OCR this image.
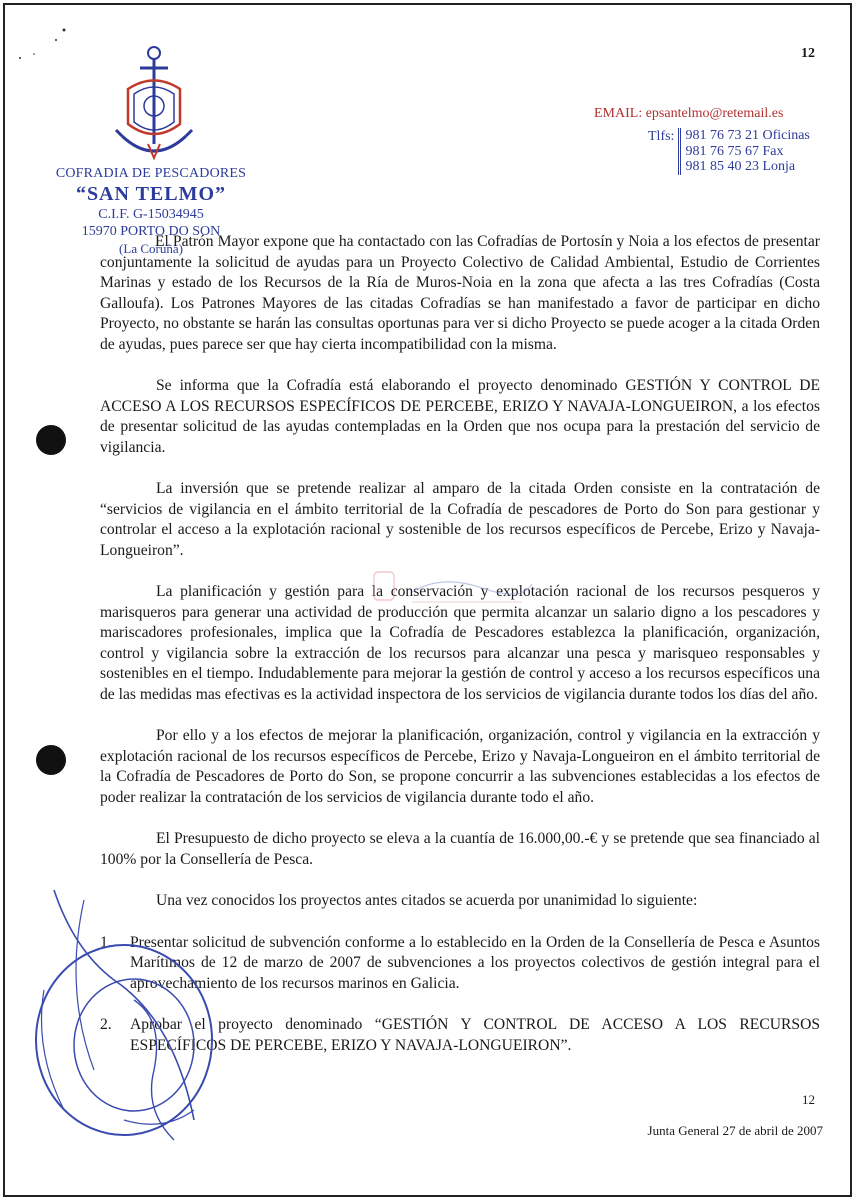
12
COFRADIA DE PESCADORES
“SAN TELMO”
C.I.F. G-15034945
15970 PORTO DO SON
(La Coruña)
EMAIL: epsantelmo@retemail.es
Tlfs: 981 76 73 21 Oficinas
981 76 75 67 Fax
981 85 40 23 Lonja

El Patrón Mayor expone que ha contactado con las Cofradías de Portosín y Noia a los efectos de presentar conjuntamente la solicitud de ayudas para un Proyecto Colectivo de Calidad Ambiental, Estudio de Corrientes Marinas y estado de los Recursos de la Ría de Muros-Noia en la zona que afecta a las tres Cofradías (Costa Galloufa). Los Patrones Mayores de las citadas Cofradías se han manifestado a favor de participar en dicho Proyecto, no obstante se harán las consultas oportunas para ver si dicho Proyecto se puede acoger a la citada Orden de ayudas, pues parece ser que hay cierta incompatibilidad con la misma.

Se informa que la Cofradía está elaborando el proyecto denominado GESTIÓN Y CONTROL DE ACCESO A LOS RECURSOS ESPECÍFICOS DE PERCEBE, ERIZO Y NAVAJA-LONGUEIRON, a los efectos de presentar solicitud de las ayudas contempladas en la Orden que nos ocupa para la prestación del servicio de vigilancia.

La inversión que se pretende realizar al amparo de la citada Orden consiste en la contratación de “servicios de vigilancia en el ámbito territorial de la Cofradía de pescadores de Porto do Son para gestionar y controlar el acceso a la explotación racional y sostenible de los recursos específicos de Percebe, Erizo y Navaja-Longueiron”.

La planificación y gestión para la conservación y explotación racional de los recursos pesqueros y marisqueros para generar una actividad de producción que permita alcanzar un salario digno a los pescadores y mariscadores profesionales, implica que la Cofradía de Pescadores establezca la planificación, organización, control y vigilancia sobre la extracción de los recursos para alcanzar una pesca y marisqueo responsables y sostenibles en el tiempo. Indudablemente para mejorar la gestión de control y acceso a los recursos específicos una de las medidas mas efectivas es la actividad inspectora de los servicios de vigilancia durante todos los días del año.

Por ello y a los efectos de mejorar la planificación, organización, control y vigilancia en la extracción y explotación racional de los recursos específicos de Percebe, Erizo y Navaja-Longueiron en el ámbito territorial de la Cofradía de Pescadores de Porto do Son, se propone concurrir a las subvenciones establecidas a los efectos de poder realizar la contratación de los servicios de vigilancia durante todo el año.

El Presupuesto de dicho proyecto se eleva a la cuantía de 16.000,00.-€ y se pretende que sea financiado al 100% por la Consellería de Pesca.

Una vez conocidos los proyectos antes citados se acuerda por unanimidad lo siguiente:

1. Presentar solicitud de subvención conforme a lo establecido en la Orden de la Consellería de Pesca e Asuntos Marítimos de 12 de marzo de 2007 de subvenciones a los proyectos colectivos de gestión integral para el aprovechamiento de los recursos marinos en Galicia.
2. Aprobar el proyecto denominado “GESTIÓN Y CONTROL DE ACCESO A LOS RECURSOS ESPECÍFICOS DE PERCEBE, ERIZO Y NAVAJA-LONGUEIRON”.
12
Junta General 27 de abril de 2007
